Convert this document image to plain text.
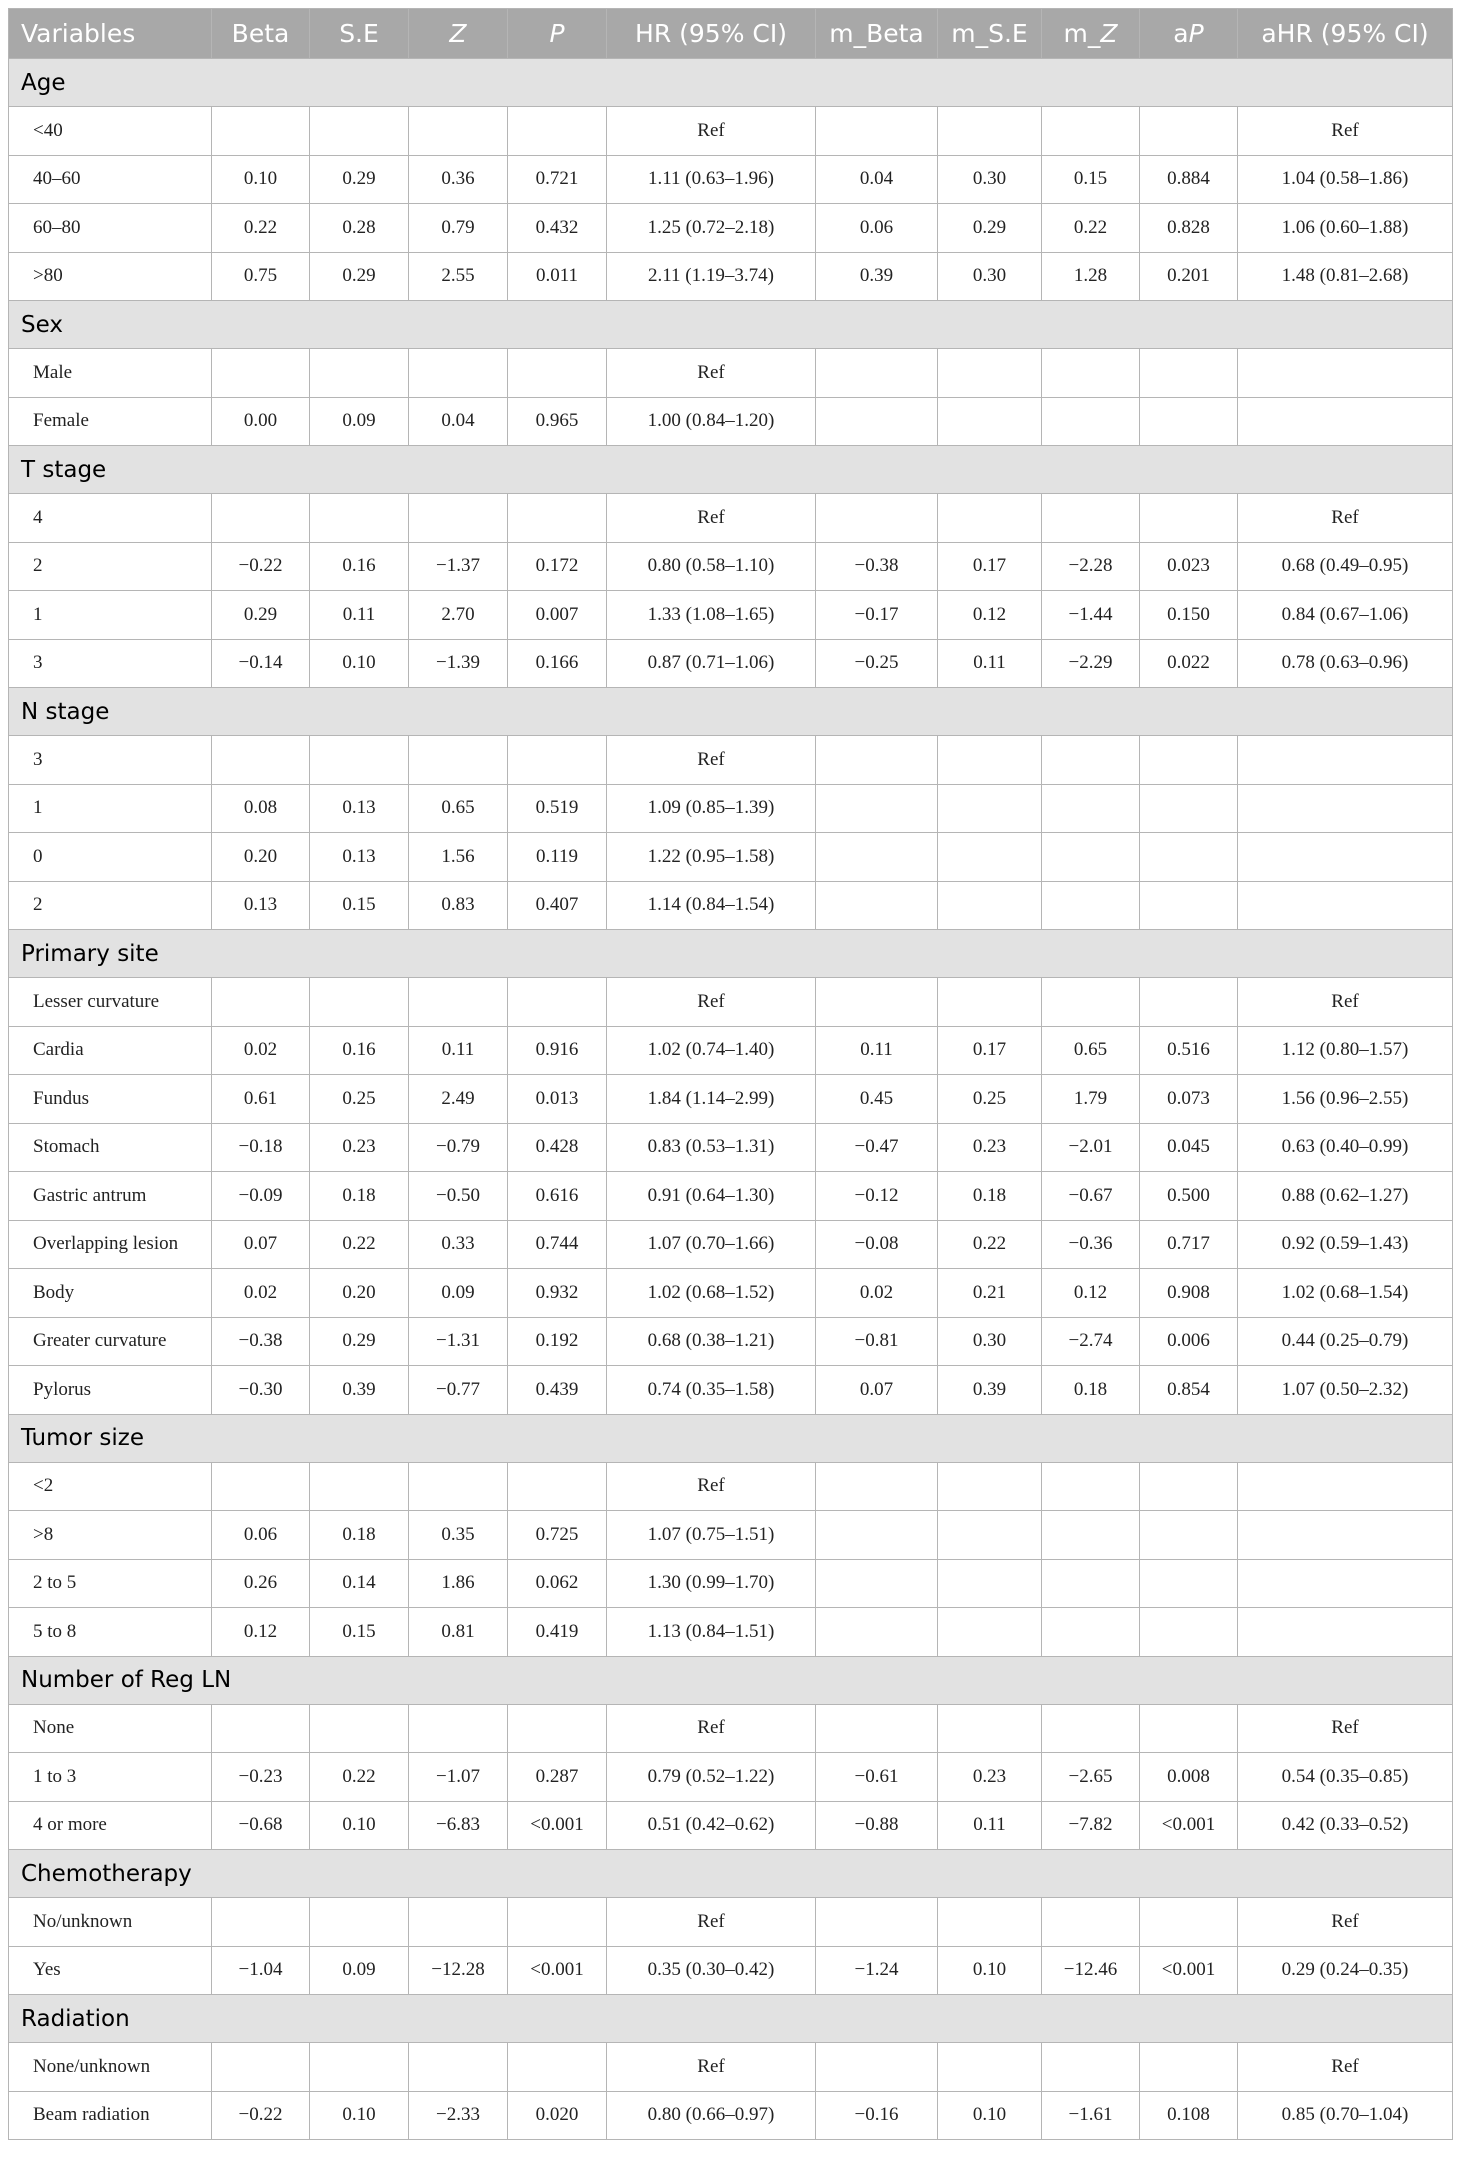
Variables	Beta	S.E	Z	P	HR (95% CI)	m_Beta	m_S.E	m_Z	aP	aHR (95% CI)
Age										
<40					Ref					Ref
40–60	0.10	0.29	0.36	0.721	1.11 (0.63–1.96)	0.04	0.30	0.15	0.884	1.04 (0.58–1.86)
60–80	0.22	0.28	0.79	0.432	1.25 (0.72–2.18)	0.06	0.29	0.22	0.828	1.06 (0.60–1.88)
>80	0.75	0.29	2.55	0.011	2.11 (1.19–3.74)	0.39	0.30	1.28	0.201	1.48 (0.81–2.68)
Sex										
Male					Ref					
Female	0.00	0.09	0.04	0.965	1.00 (0.84–1.20)					
T stage										
4					Ref					Ref
2	−0.22	0.16	−1.37	0.172	0.80 (0.58–1.10)	−0.38	0.17	−2.28	0.023	0.68 (0.49–0.95)
1	0.29	0.11	2.70	0.007	1.33 (1.08–1.65)	−0.17	0.12	−1.44	0.150	0.84 (0.67–1.06)
3	−0.14	0.10	−1.39	0.166	0.87 (0.71–1.06)	−0.25	0.11	−2.29	0.022	0.78 (0.63–0.96)
N stage										
3					Ref					
1	0.08	0.13	0.65	0.519	1.09 (0.85–1.39)					
0	0.20	0.13	1.56	0.119	1.22 (0.95–1.58)					
2	0.13	0.15	0.83	0.407	1.14 (0.84–1.54)					
Primary site										
Lesser curvature					Ref					Ref
Cardia	0.02	0.16	0.11	0.916	1.02 (0.74–1.40)	0.11	0.17	0.65	0.516	1.12 (0.80–1.57)
Fundus	0.61	0.25	2.49	0.013	1.84 (1.14–2.99)	0.45	0.25	1.79	0.073	1.56 (0.96–2.55)
Stomach	−0.18	0.23	−0.79	0.428	0.83 (0.53–1.31)	−0.47	0.23	−2.01	0.045	0.63 (0.40–0.99)
Gastric antrum	−0.09	0.18	−0.50	0.616	0.91 (0.64–1.30)	−0.12	0.18	−0.67	0.500	0.88 (0.62–1.27)
Overlapping lesion	0.07	0.22	0.33	0.744	1.07 (0.70–1.66)	−0.08	0.22	−0.36	0.717	0.92 (0.59–1.43)
Body	0.02	0.20	0.09	0.932	1.02 (0.68–1.52)	0.02	0.21	0.12	0.908	1.02 (0.68–1.54)
Greater curvature	−0.38	0.29	−1.31	0.192	0.68 (0.38–1.21)	−0.81	0.30	−2.74	0.006	0.44 (0.25–0.79)
Pylorus	−0.30	0.39	−0.77	0.439	0.74 (0.35–1.58)	0.07	0.39	0.18	0.854	1.07 (0.50–2.32)
Tumor size										
<2					Ref					
>8	0.06	0.18	0.35	0.725	1.07 (0.75–1.51)					
2 to 5	0.26	0.14	1.86	0.062	1.30 (0.99–1.70)					
5 to 8	0.12	0.15	0.81	0.419	1.13 (0.84–1.51)					
Number of Reg LN										
None					Ref					Ref
1 to 3	−0.23	0.22	−1.07	0.287	0.79 (0.52–1.22)	−0.61	0.23	−2.65	0.008	0.54 (0.35–0.85)
4 or more	−0.68	0.10	−6.83	<0.001	0.51 (0.42–0.62)	−0.88	0.11	−7.82	<0.001	0.42 (0.33–0.52)
Chemotherapy										
No/unknown					Ref					Ref
Yes	−1.04	0.09	−12.28	<0.001	0.35 (0.30–0.42)	−1.24	0.10	−12.46	<0.001	0.29 (0.24–0.35)
Radiation										
None/unknown					Ref					Ref
Beam radiation	−0.22	0.10	−2.33	0.020	0.80 (0.66–0.97)	−0.16	0.10	−1.61	0.108	0.85 (0.70–1.04)
